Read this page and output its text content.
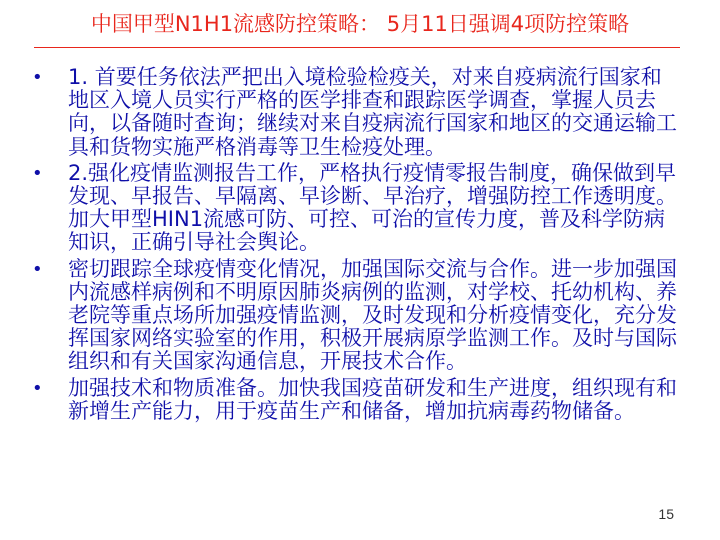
中国甲型N1H1流感防控策略： 5月11日强调4项防控策略
• 1. 首要任务依法严把出入境检验检疫关，对来自疫病流行国家和地区入境人员实行严格的医学排查和跟踪医学调查，掌握人员去向，以备随时查询；继续对来自疫病流行国家和地区的交通运输工具和货物实施严格消毒等卫生检疫处理。
• 2.强化疫情监测报告工作，严格执行疫情零报告制度，确保做到早发现、早报告、早隔离、早诊断、早治疗，增强防控工作透明度。加大甲型HIN1流感可防、可控、可治的宣传力度，普及科学防病知识，正确引导社会舆论。
• 密切跟踪全球疫情变化情况，加强国际交流与合作。进一步加强国内流感样病例和不明原因肺炎病例的监测，对学校、托幼机构、养老院等重点场所加强疫情监测，及时发现和分析疫情变化，充分发挥国家网络实验室的作用，积极开展病原学监测工作。及时与国际组织和有关国家沟通信息，开展技术合作。
• 加强技术和物质准备。加快我国疫苗研发和生产进度，组织现有和新增生产能力，用于疫苗生产和储备，增加抗病毒药物储备。
15
